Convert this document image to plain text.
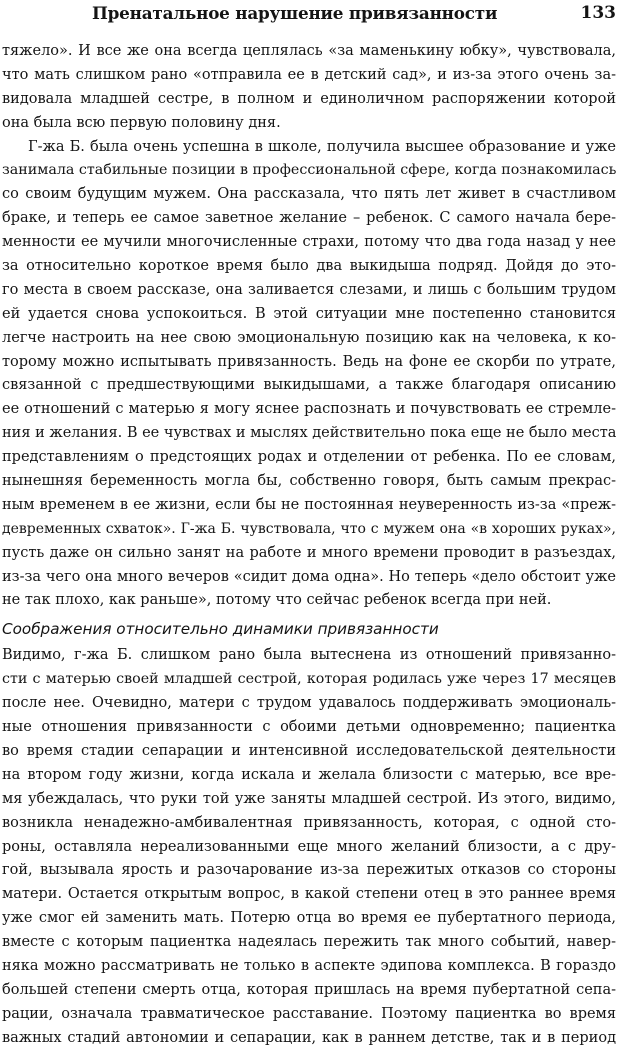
Пренатальное нарушение привязанности	133
тяжело». И все же она всегда цеплялась «за маменькину юбку», чувствовала,
что мать слишком рано «отправила ее в детский сад», и из-за этого очень за-
видовала младшей сестре, в полном и единоличном распоряжении которой
она была всю первую половину дня.
Г-жа Б. была очень успешна в школе, получила высшее образование и уже
занимала стабильные позиции в профессиональной сфере, когда познакомилась
со своим будущим мужем. Она рассказала, что пять лет живет в счастливом
браке, и теперь ее самое заветное желание – ребенок. С самого начала бере-
менности ее мучили многочисленные страхи, потому что два года назад у нее
за относительно короткое время было два выкидыша подряд. Дойдя до это-
го места в своем рассказе, она заливается слезами, и лишь с большим трудом
ей удается снова успокоиться. В этой ситуации мне постепенно становится
легче настроить на нее свою эмоциональную позицию как на человека, к ко-
торому можно испытывать привязанность. Ведь на фоне ее скорби по утрате,
связанной с предшествующими выкидышами, а также благодаря описанию
ее отношений с матерью я могу яснее распознать и почувствовать ее стремле-
ния и желания. В ее чувствах и мыслях действительно пока еще не было места
представлениям о предстоящих родах и отделении от ребенка. По ее словам,
нынешняя беременность могла бы, собственно говоря, быть самым прекрас-
ным временем в ее жизни, если бы не постоянная неуверенность из-за «преж-
девременных схваток». Г-жа Б. чувствовала, что с мужем она «в хороших руках»,
пусть даже он сильно занят на работе и много времени проводит в разъездах,
из-за чего она много вечеров «сидит дома одна». Но теперь «дело обстоит уже
не так плохо, как раньше», потому что сейчас ребенок всегда при ней.
Соображения относительно динамики привязанности
Видимо, г-жа Б. слишком рано была вытеснена из отношений привязанно-
сти с матерью своей младшей сестрой, которая родилась уже через 17 месяцев
после нее. Очевидно, матери с трудом удавалось поддерживать эмоциональ-
ные отношения привязанности с обоими детьми одновременно; пациентка
во время стадии сепарации и интенсивной исследовательской деятельности
на втором году жизни, когда искала и желала близости с матерью, все вре-
мя убеждалась, что руки той уже заняты младшей сестрой. Из этого, видимо,
возникла ненадежно-амбивалентная привязанность, которая, с одной сто-
роны, оставляла нереализованными еще много желаний близости, а с дру-
гой, вызывала ярость и разочарование из-за пережитых отказов со стороны
матери. Остается открытым вопрос, в какой степени отец в это раннее время
уже смог ей заменить мать. Потерю отца во время ее пубертатного периода,
вместе с которым пациентка надеялась пережить так много событий, навер-
няка можно рассматривать не только в аспекте эдипова комплекса. В гораздо
большей степени смерть отца, которая пришлась на время пубертатной сепа-
рации, означала травматическое расставание. Поэтому пациентка во время
важных стадий автономии и сепарации, как в раннем детстве, так и в период
